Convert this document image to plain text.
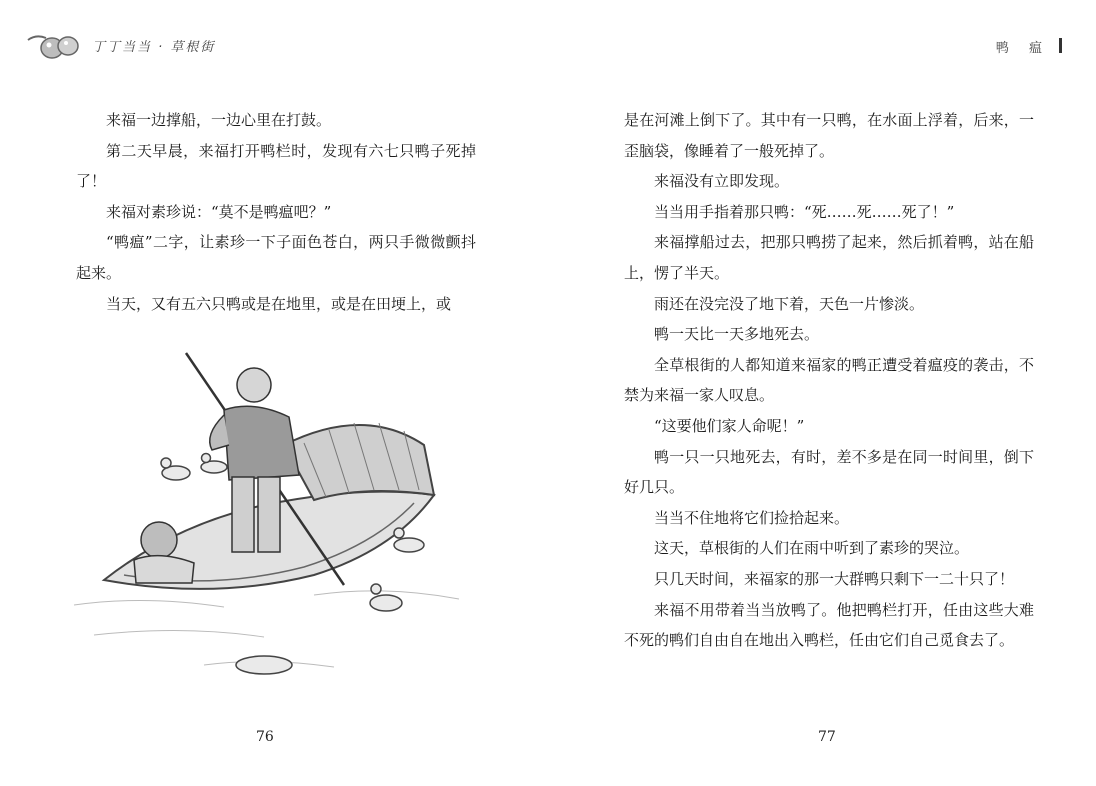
丁丁当当 · 草根街

来福一边撑船，一边心里在打鼓。

第二天早晨，来福打开鸭栏时，发现有六七只鸭子死掉了！

来福对素珍说：“莫不是鸭瘟吧？”

“鸭瘟”二字，让素珍一下子面色苍白，两只手微微颤抖起来。

当天，又有五六只鸭或是在地里，或是在田埂上，或

76
鸭 瘟

是在河滩上倒下了。其中有一只鸭，在水面上浮着，后来，一歪脑袋，像睡着了一般死掉了。

来福没有立即发现。

当当用手指着那只鸭：“死……死……死了！”

来福撑船过去，把那只鸭捞了起来，然后抓着鸭，站在船上，愣了半天。

雨还在没完没了地下着，天色一片惨淡。

鸭一天比一天多地死去。

全草根街的人都知道来福家的鸭正遭受着瘟疫的袭击，不禁为来福一家人叹息。

“这要他们家人命呢！”

鸭一只一只地死去，有时，差不多是在同一时间里，倒下好几只。

当当不住地将它们捡拾起来。

这天，草根街的人们在雨中听到了素珍的哭泣。

只几天时间，来福家的那一大群鸭只剩下一二十只了！

来福不用带着当当放鸭了。他把鸭栏打开，任由这些大难不死的鸭们自由自在地出入鸭栏，任由它们自己觅食去了。

77
